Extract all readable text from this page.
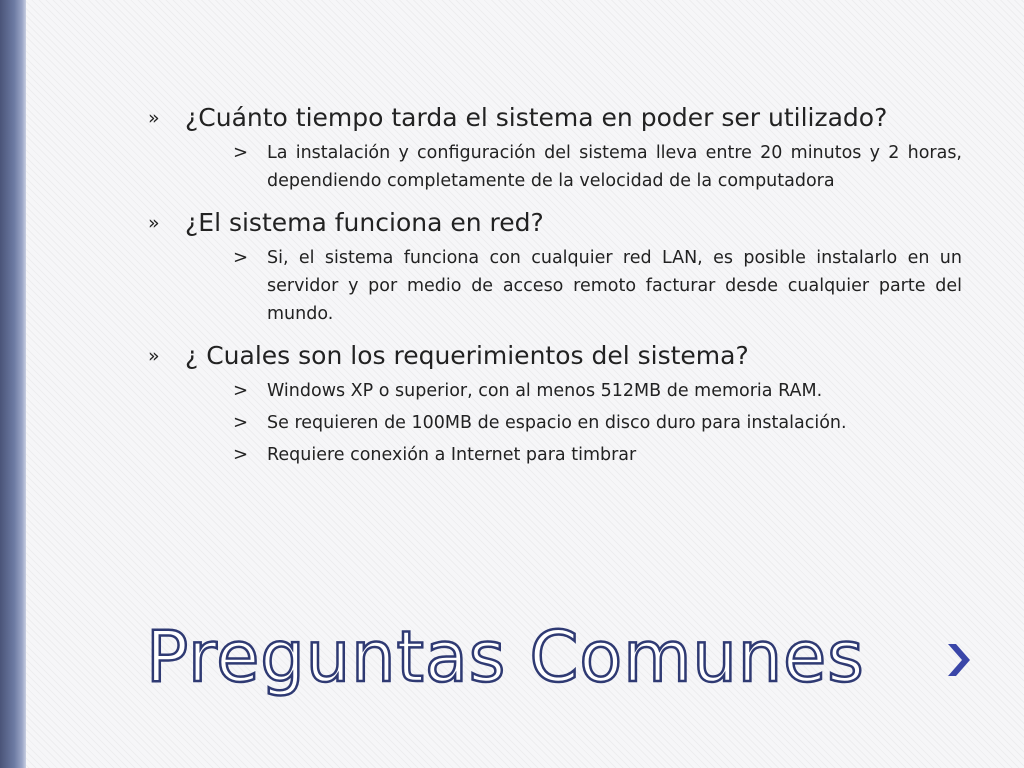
» ¿Cuánto tiempo tarda el sistema en poder ser utilizado?
> La instalación y configuración del sistema lleva entre 20 minutos y 2 horas, dependiendo completamente de la velocidad de la computadora
» ¿El sistema funciona en red?
> Si, el sistema funciona con cualquier red LAN, es posible instalarlo en un servidor y por medio de acceso remoto facturar desde cualquier parte del mundo.
» ¿ Cuales son los requerimientos del sistema?
> Windows XP o superior, con al menos 512MB de memoria RAM.
> Se requieren de 100MB de espacio en disco duro para instalación.
> Requiere conexión a Internet para timbrar
Preguntas Comunes
